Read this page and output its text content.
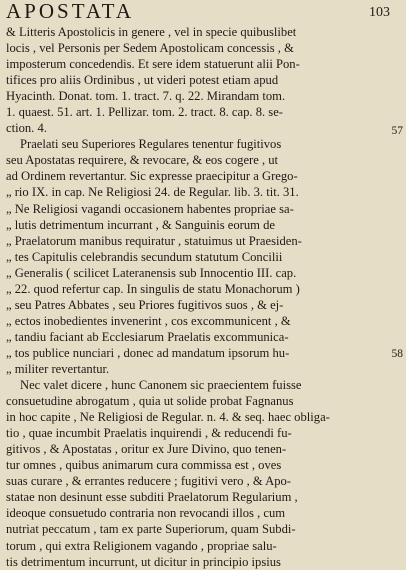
APOSTATA	103
57
58
& Litteris Apostolicis in genere , vel in specie quibuslibet
locis , vel Personis per Sedem Apostolicam concessis , &
imposterum concedendis. Et sere idem statuerunt alii Pon-
tifices pro aliis Ordinibus , ut videri potest etiam apud
Hyacinth. Donat. tom. 1. tract. 7. q. 22. Mirandam tom.
1. quaest. 51. art. 1. Pellizar. tom. 2. tract. 8. cap. 8. se-
ction. 4.
Praelati seu Superiores Regulares tenentur fugitivos
seu Apostatas requirere, & revocare, & eos cogere , ut
ad Ordinem revertantur. Sic expresse praecipitur a Grego-
„ rio IX. in cap. Ne Religiosi 24. de Regular. lib. 3. tit. 31.
„ Ne Religiosi vagandi occasionem habentes propriae sa-
„ lutis detrimentum incurrant , & Sanguinis eorum de
„ Praelatorum manibus requiratur , statuimus ut Praesiden-
„ tes Capitulis celebrandis secundum statutum Concilii
„ Generalis ( scilicet Lateranensis sub Innocentio III. cap.
„ 22. quod refertur cap. In singulis de statu Monachorum )
„ seu Patres Abbates , seu Priores fugitivos suos , & ej-
„ ectos inobedientes invenerint , cos excommunicent , &
„ tandiu faciant ab Ecclesiarum Praelatis excommunica-
„ tos publice nunciari , donec ad mandatum ipsorum hu-
„ militer revertantur.
Nec valet dicere , hunc Canonem sic praecientem fuisse
consuetudine abrogatum , quia ut solide probat Fagnanus
in hoc capite , Ne Religiosi de Regular. n. 4. & seq. haec obliga-
tio , quae incumbit Praelatis inquirendi , & reducendi fu-
gitivos , & Apostatas , oritur ex Jure Divino, quo tenen-
tur omnes , quibus animarum cura commissa est , oves
suas curare , & errantes reducere ; fugitivi vero , & Apo-
statae non desinunt esse subditi Praelatorum Regularium ,
ideoque consuetudo contraria non revocandi illos , cum
nutriat peccatum , tam ex parte Superiorum, quam Subdi-
torum , qui extra Religionem vagando , propriae salu-
tis detrimentum incurrunt, ut dicitur in principio ipsius
